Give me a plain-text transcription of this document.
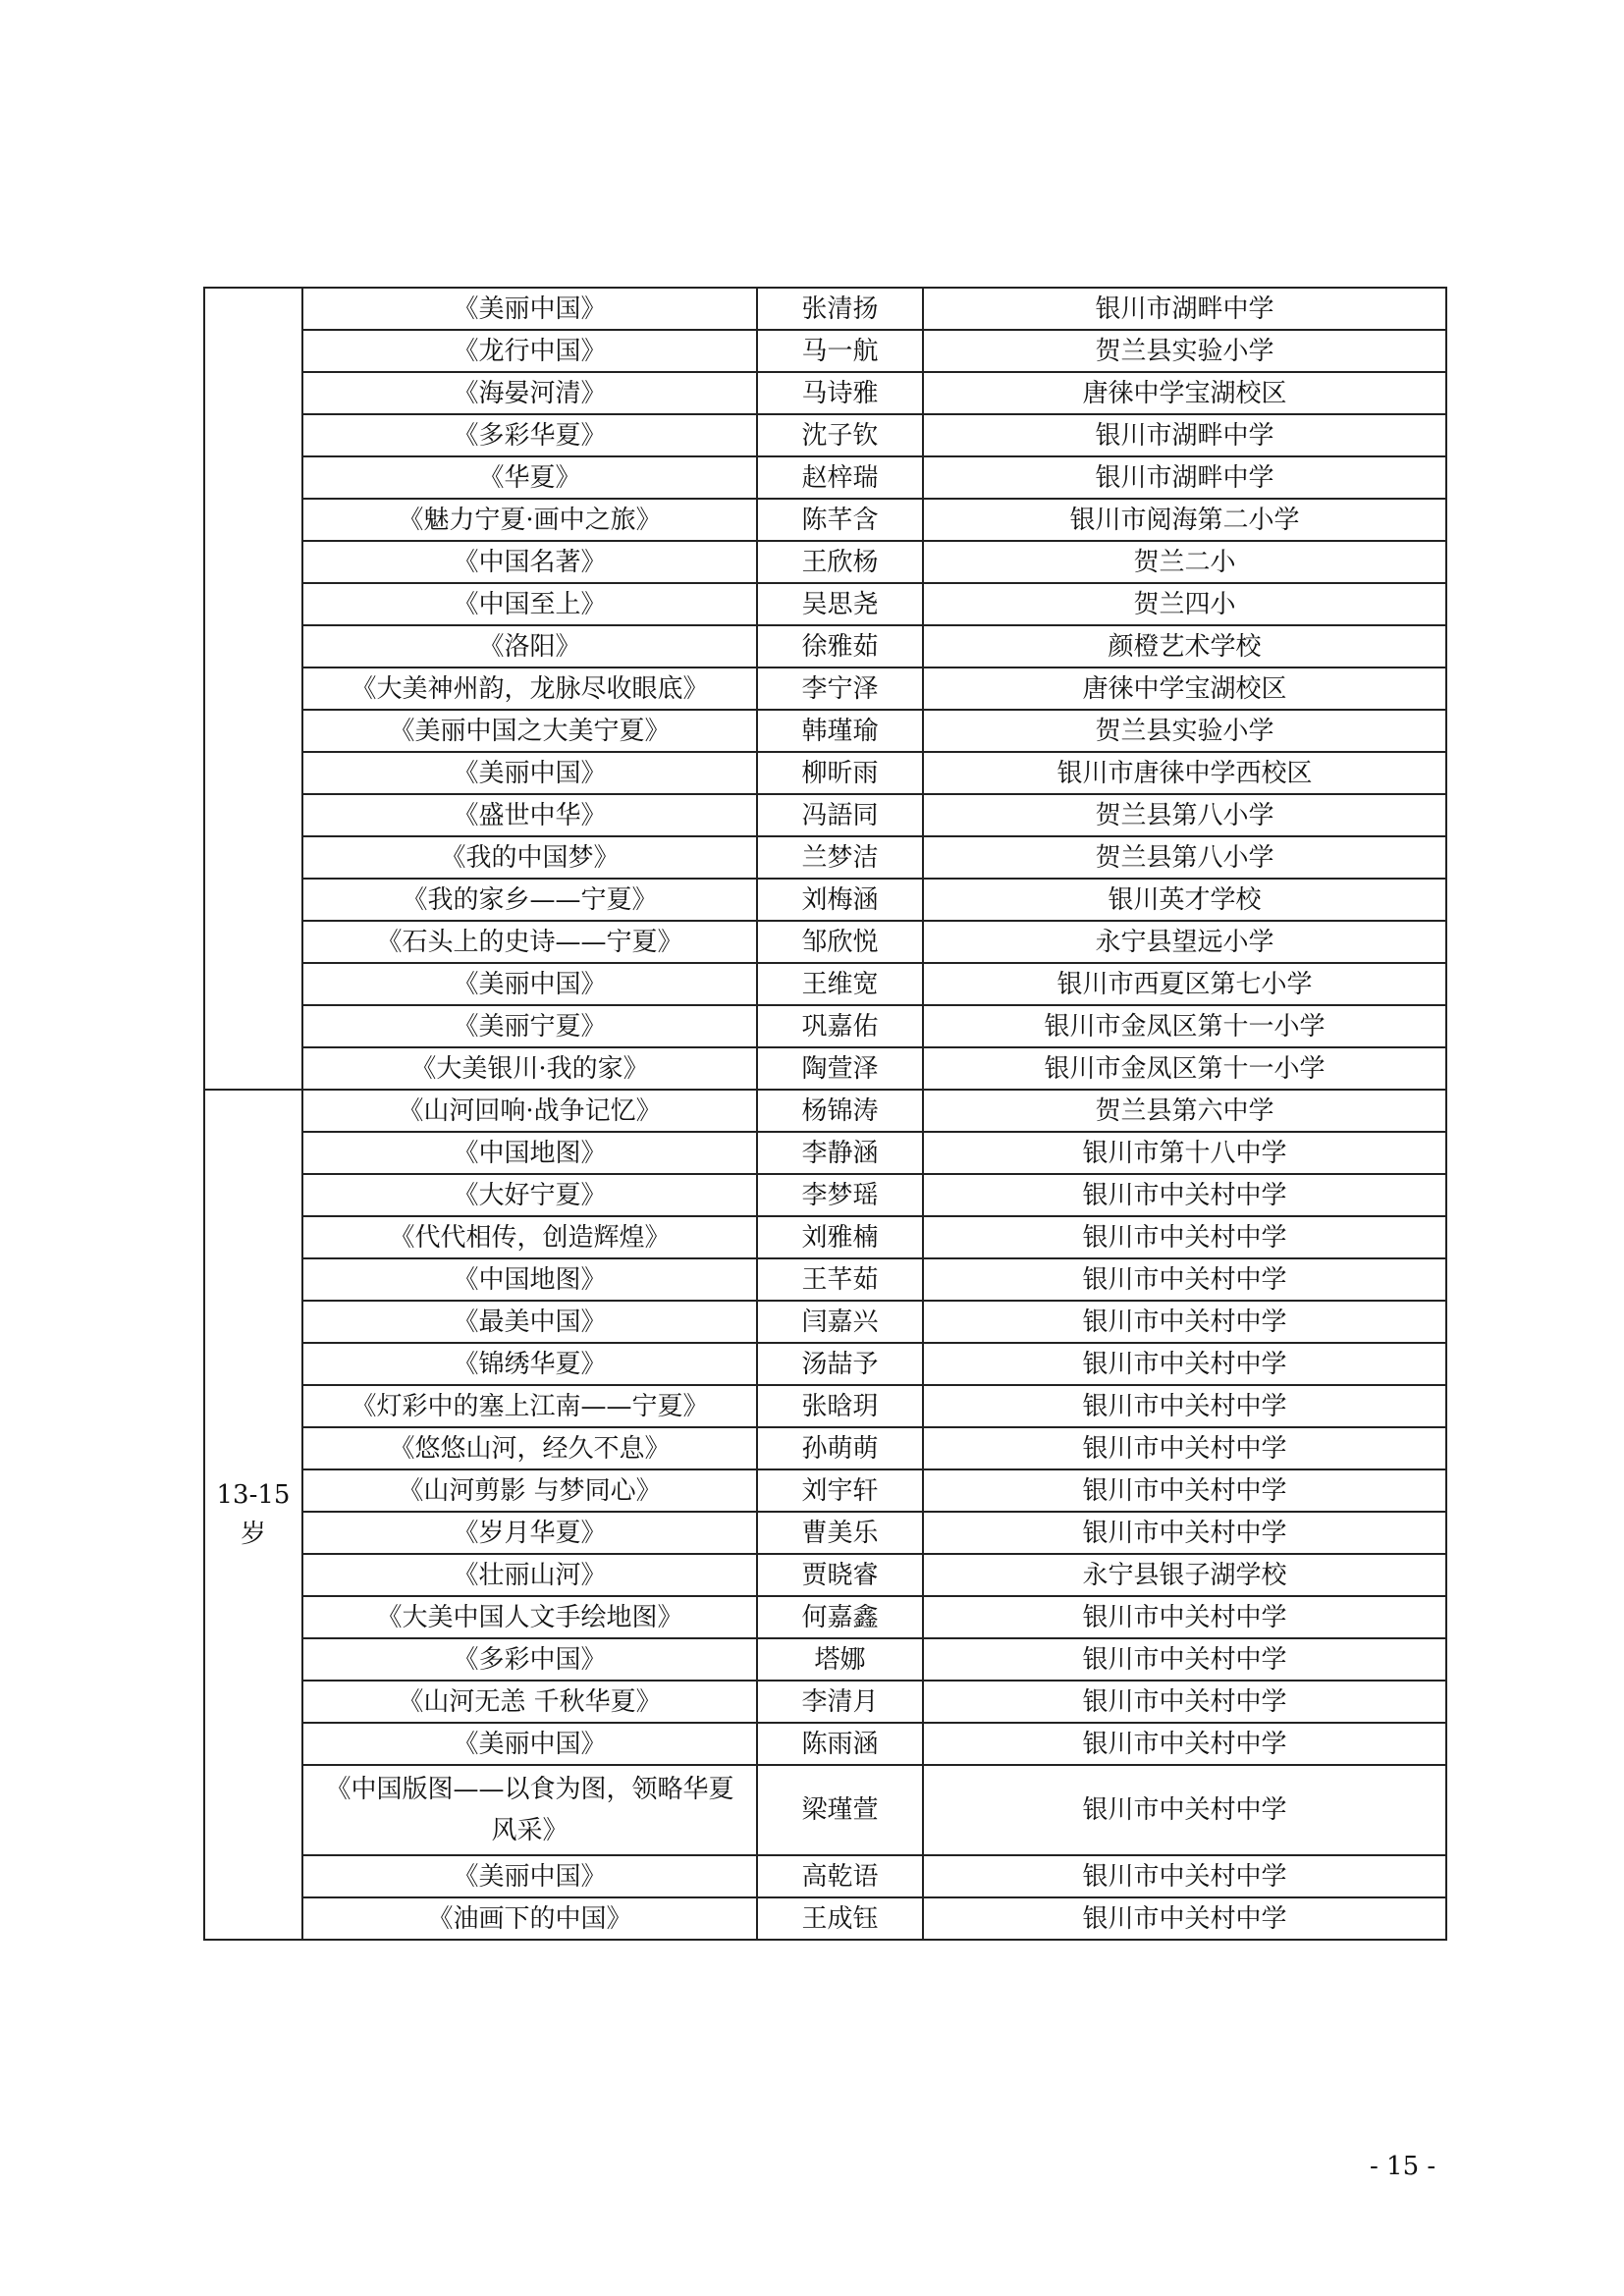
	《美丽中国》	张清扬	银川市湖畔中学
	《龙行中国》	马一航	贺兰县实验小学
	《海晏河清》	马诗雅	唐徕中学宝湖校区
	《多彩华夏》	沈子钦	银川市湖畔中学
	《华夏》	赵梓瑞	银川市湖畔中学
	《魅力宁夏·画中之旅》	陈芊含	银川市阅海第二小学
	《中国名著》	王欣杨	贺兰二小
	《中国至上》	吴思尧	贺兰四小
	《洛阳》	徐雅茹	颜橙艺术学校
	《大美神州韵，龙脉尽收眼底》	李宁泽	唐徕中学宝湖校区
	《美丽中国之大美宁夏》	韩瑾瑜	贺兰县实验小学
	《美丽中国》	柳昕雨	银川市唐徕中学西校区
	《盛世中华》	冯語同	贺兰县第八小学
	《我的中国梦》	兰梦洁	贺兰县第八小学
	《我的家乡——宁夏》	刘梅涵	银川英才学校
	《石头上的史诗——宁夏》	邹欣悦	永宁县望远小学
	《美丽中国》	王维宽	银川市西夏区第七小学
	《美丽宁夏》	巩嘉佑	银川市金凤区第十一小学
	《大美银川·我的家》	陶萱泽	银川市金凤区第十一小学
13-15岁	《山河回响·战争记忆》	杨锦涛	贺兰县第六中学
	《中国地图》	李静涵	银川市第十八中学
	《大好宁夏》	李梦瑶	银川市中关村中学
	《代代相传，创造辉煌》	刘雅楠	银川市中关村中学
	《中国地图》	王芊茹	银川市中关村中学
	《最美中国》	闫嘉兴	银川市中关村中学
	《锦绣华夏》	汤喆予	银川市中关村中学
	《灯彩中的塞上江南——宁夏》	张晗玥	银川市中关村中学
	《悠悠山河，经久不息》	孙萌萌	银川市中关村中学
	《山河剪影 与梦同心》	刘宇轩	银川市中关村中学
	《岁月华夏》	曹美乐	银川市中关村中学
	《壮丽山河》	贾晓睿	永宁县银子湖学校
	《大美中国人文手绘地图》	何嘉鑫	银川市中关村中学
	《多彩中国》	塔娜	银川市中关村中学
	《山河无恙 千秋华夏》	李清月	银川市中关村中学
	《美丽中国》	陈雨涵	银川市中关村中学
	《中国版图——以食为图，领略华夏风采》	梁瑾萱	银川市中关村中学
	《美丽中国》	高乾语	银川市中关村中学
	《油画下的中国》	王成钰	银川市中关村中学
- 15 -
